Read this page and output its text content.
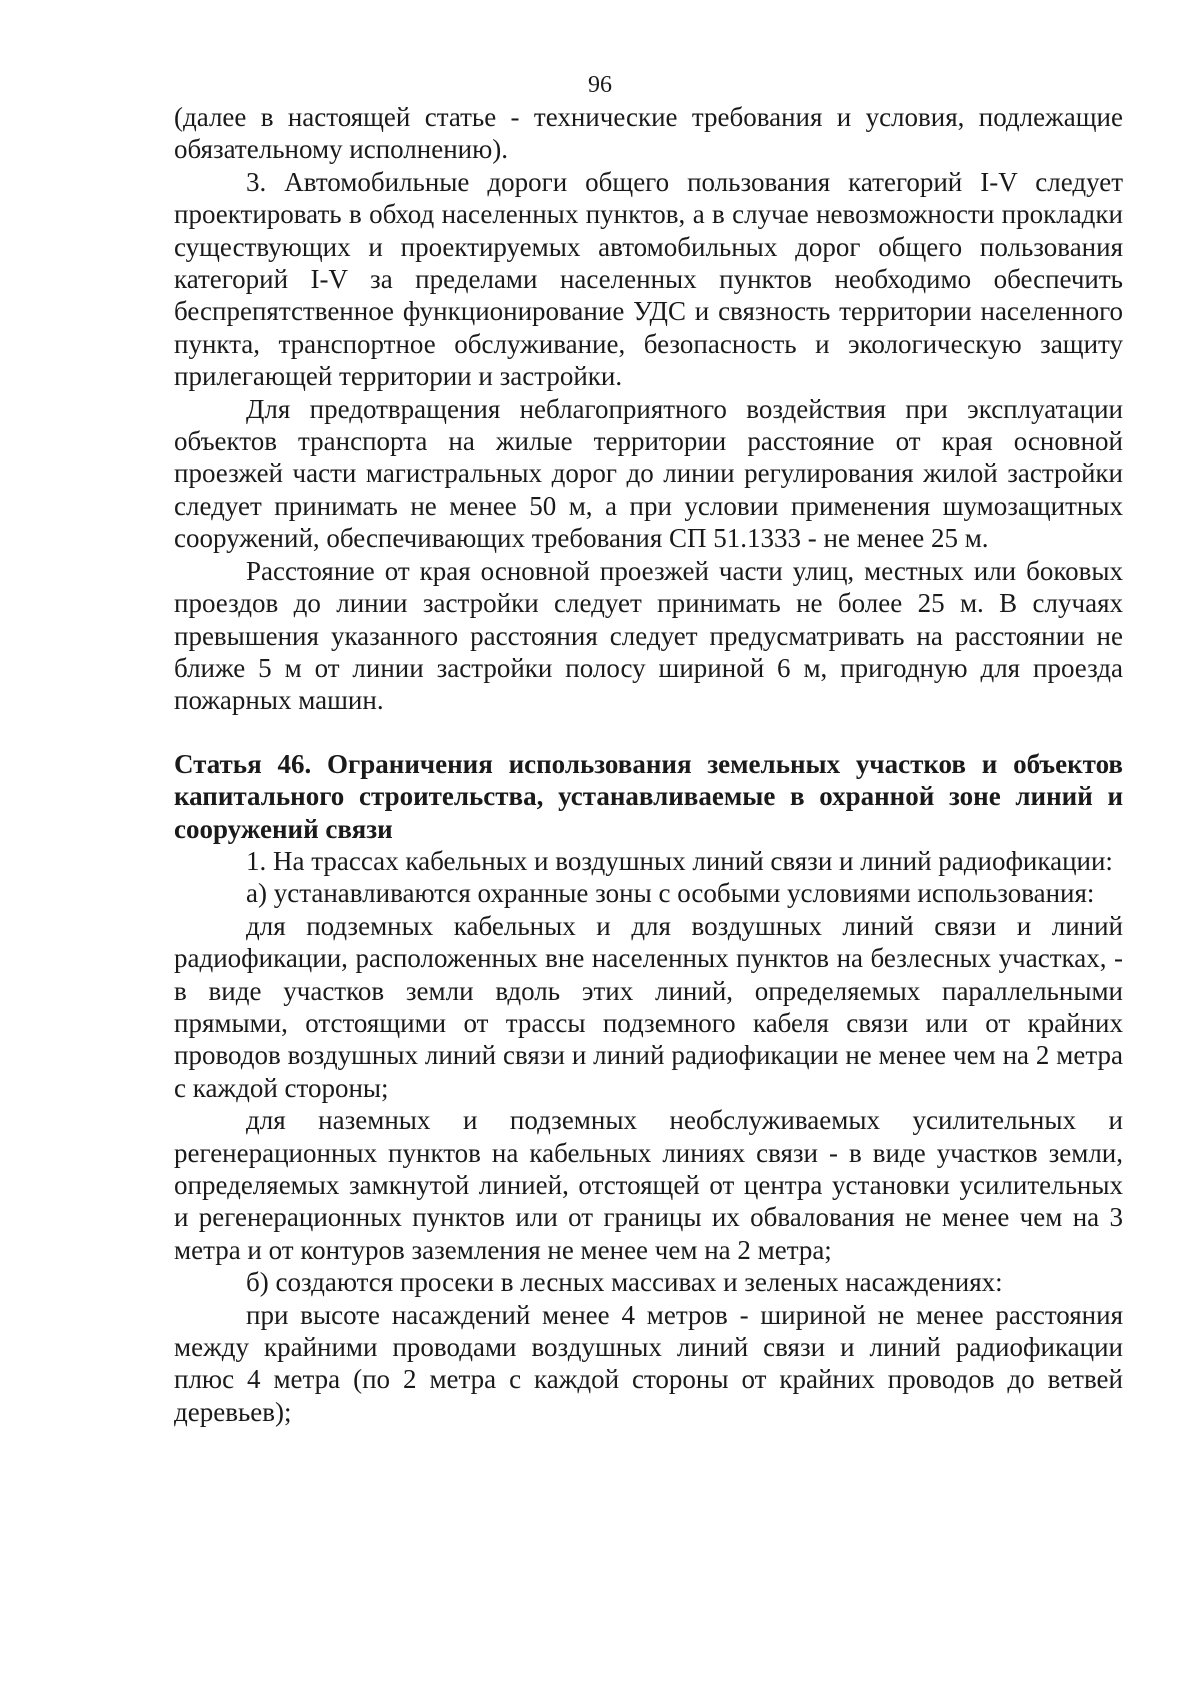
96

(далее в настоящей статье - технические требования и условия, подлежащие обязательному исполнению).

3. Автомобильные дороги общего пользования категорий I-V следует проектировать в обход населенных пунктов, а в случае невозможности прокладки существующих и проектируемых автомобильных дорог общего пользования категорий I-V за пределами населенных пунктов необходимо обеспечить беспрепятственное функционирование УДС и связность территории населенного пункта, транспортное обслуживание, безопасность и экологическую защиту прилегающей территории и застройки.

Для предотвращения неблагоприятного воздействия при эксплуатации объектов транспорта на жилые территории расстояние от края основной проезжей части магистральных дорог до линии регулирования жилой застройки следует принимать не менее 50 м, а при условии применения шумозащитных сооружений, обеспечивающих требования СП 51.1333 - не менее 25 м.

Расстояние от края основной проезжей части улиц, местных или боковых проездов до линии застройки следует принимать не более 25 м. В случаях превышения указанного расстояния следует предусматривать на расстоянии не ближе 5 м от линии застройки полосу шириной 6 м, пригодную для проезда пожарных машин.

Статья 46. Ограничения использования земельных участков и объектов капитального строительства, устанавливаемые в охранной зоне линий и сооружений связи

1. На трассах кабельных и воздушных линий связи и линий радиофикации:

а) устанавливаются охранные зоны с особыми условиями использования:

для подземных кабельных и для воздушных линий связи и линий радиофикации, расположенных вне населенных пунктов на безлесных участках, - в виде участков земли вдоль этих линий, определяемых параллельными прямыми, отстоящими от трассы подземного кабеля связи или от крайних проводов воздушных линий связи и линий радиофикации не менее чем на 2 метра с каждой стороны;

для наземных и подземных необслуживаемых усилительных и регенерационных пунктов на кабельных линиях связи - в виде участков земли, определяемых замкнутой линией, отстоящей от центра установки усилительных и регенерационных пунктов или от границы их обвалования не менее чем на 3 метра и от контуров заземления не менее чем на 2 метра;

б) создаются просеки в лесных массивах и зеленых насаждениях:

при высоте насаждений менее 4 метров - шириной не менее расстояния между крайними проводами воздушных линий связи и линий радиофикации плюс 4 метра (по 2 метра с каждой стороны от крайних проводов до ветвей деревьев);
